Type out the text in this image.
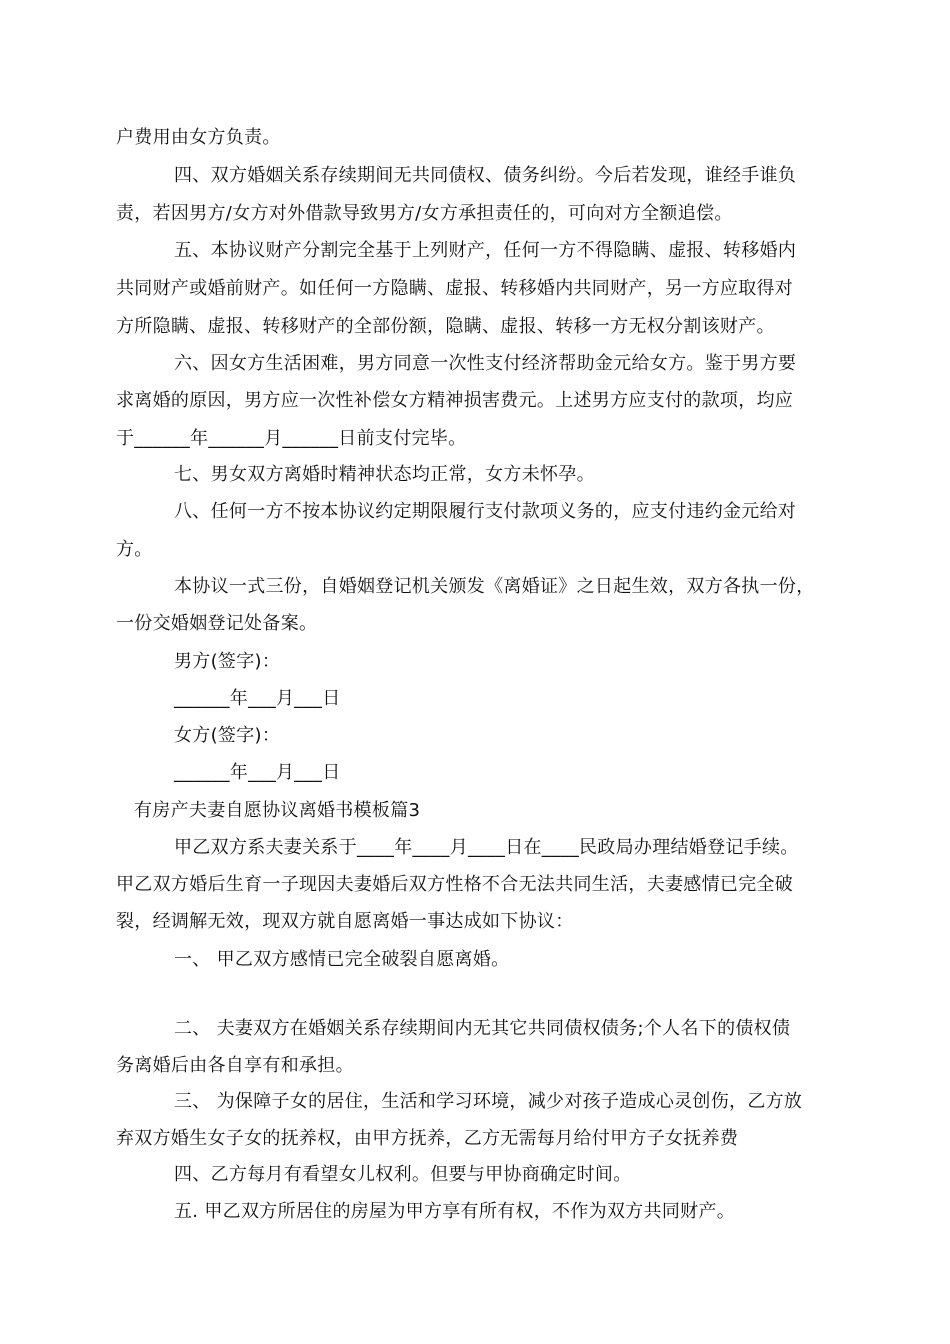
户费用由女方负责。
四、双方婚姻关系存续期间无共同债权、债务纠纷。今后若发现，谁经手谁负
责，若因男方/女方对外借款导致男方/女方承担责任的，可向对方全额追偿。
五、本协议财产分割完全基于上列财产，任何一方不得隐瞒、虚报、转移婚内
共同财产或婚前财产。如任何一方隐瞒、虚报、转移婚内共同财产，另一方应取得对
方所隐瞒、虚报、转移财产的全部份额，隐瞒、虚报、转移一方无权分割该财产。
六、因女方生活困难，男方同意一次性支付经济帮助金元给女方。鉴于男方要
求离婚的原因，男方应一次性补偿女方精神损害费元。上述男方应支付的款项，均应
于______年______月______日前支付完毕。
七、男女双方离婚时精神状态均正常，女方未怀孕。
八、任何一方不按本协议约定期限履行支付款项义务的，应支付违约金元给对
方。
本协议一式三份，自婚姻登记机关颁发《离婚证》之日起生效，双方各执一份，
一份交婚姻登记处备案。
男方(签字)：
______年___月___日
女方(签字)：
______年___月___日
有房产夫妻自愿协议离婚书模板篇3
甲乙双方系夫妻关系于____年____月____日在____民政局办理结婚登记手续。
甲乙双方婚后生育一子现因夫妻婚后双方性格不合无法共同生活，夫妻感情已完全破
裂，经调解无效，现双方就自愿离婚一事达成如下协议：
一、 甲乙双方感情已完全破裂自愿离婚。
二、 夫妻双方在婚姻关系存续期间内无其它共同债权债务;个人名下的债权债
务离婚后由各自享有和承担。
三、 为保障子女的居住，生活和学习环境，减少对孩子造成心灵创伤，乙方放
弃双方婚生女子女的抚养权，由甲方抚养，乙方无需每月给付甲方子女抚养费
四、乙方每月有看望女儿权利。但要与甲协商确定时间。
五. 甲乙双方所居住的房屋为甲方享有所有权，不作为双方共同财产。
